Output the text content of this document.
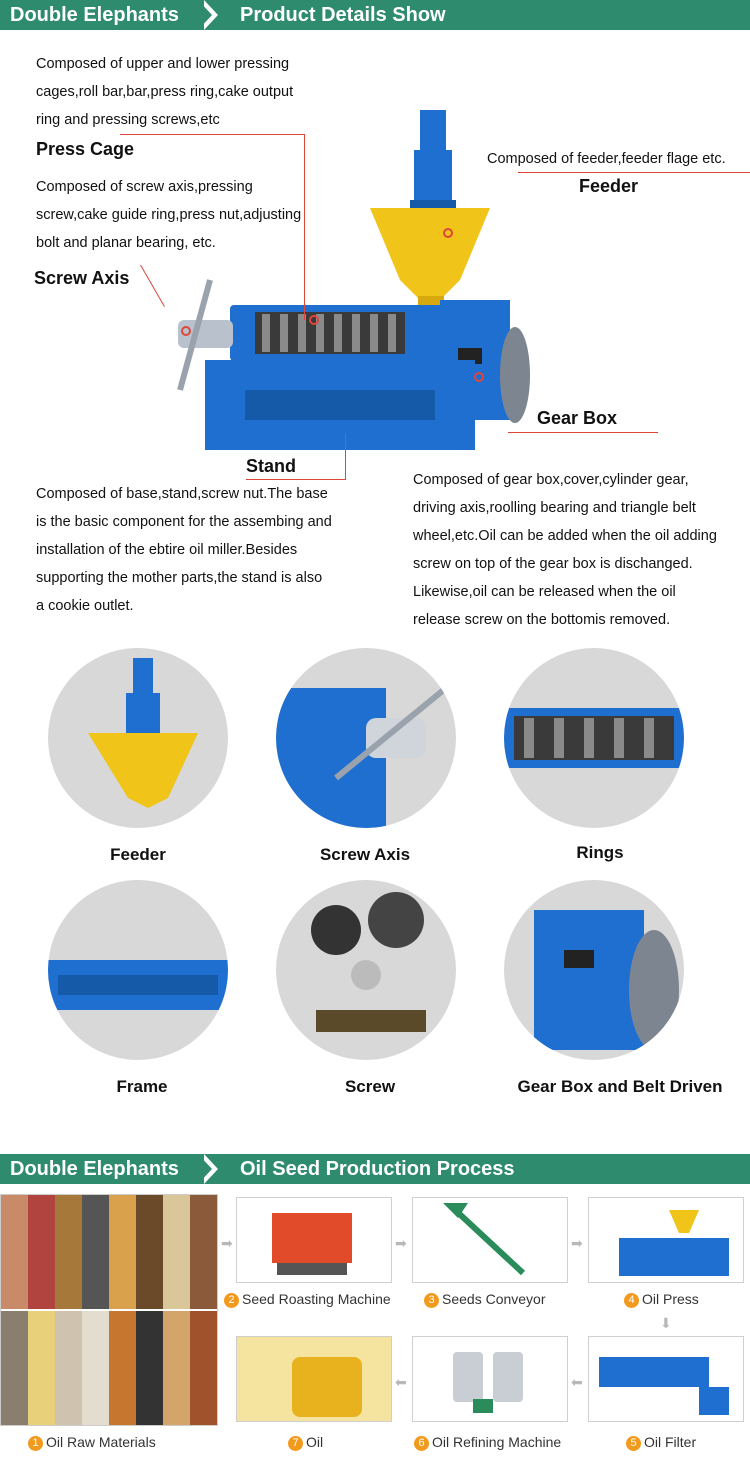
Double Elephants	Product Details Show
Composed of upper and lower pressing
cages,roll bar,bar,press ring,cake output
ring and pressing screws,etc
Press Cage
Composed of screw axis,pressing
screw,cake guide ring,press nut,adjusting
bolt and planar bearing, etc.
Screw Axis
Composed of feeder,feeder flage etc.
Feeder
Gear Box
Stand
Composed of base,stand,screw nut.The base
is the basic component for the assembing and
installation of the ebtire oil miller.Besides
supporting the mother parts,the stand is also
a cookie outlet.
Composed of gear box,cover,cylinder gear,
driving axis,roolling bearing and triangle belt
wheel,etc.Oil can be added when the oil adding
screw on top of the gear box is dischanged.
Likewise,oil can be released when the oil
release screw on the bottomis removed.
Feeder	Screw Axis	Rings
Frame	Screw	Gear Box and Belt Driven
Double Elephants	Oil Seed Production Process
➡	➡	➡
⬇
⬅
⬅
2 Seed Roasting Machine	3 Seeds Conveyor	4 Oil Press
1 Oil Raw Materials	7 Oil	6 Oil Refining Machine	5 Oil Filter
